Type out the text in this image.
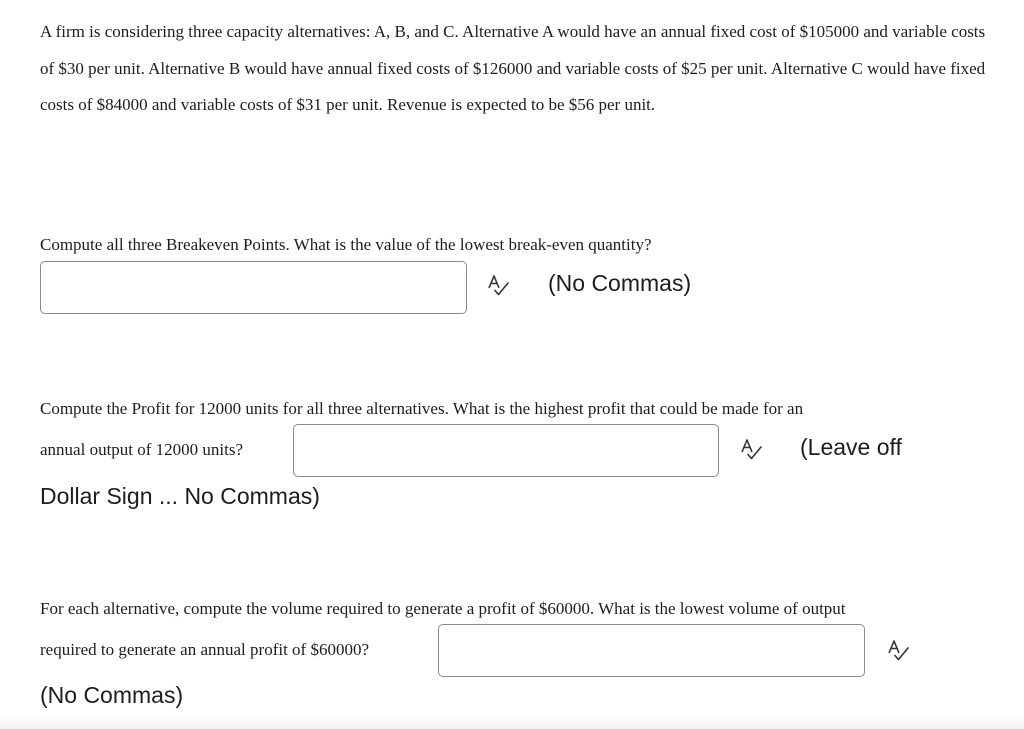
A firm is considering three capacity alternatives: A, B, and C. Alternative A would have an annual fixed cost of $105000 and variable costs of $30 per unit. Alternative B would have annual fixed costs of $126000 and variable costs of $25 per unit. Alternative C would have fixed costs of $84000 and variable costs of $31 per unit. Revenue is expected to be $56 per unit.

Compute all three Breakeven Points. What is the value of the lowest break-even quantity?
(No Commas)
Compute the Profit for 12000 units for all three alternatives. What is the highest profit that could be made for an
annual output of 12000 units?	(Leave off
Dollar Sign ... No Commas)
For each alternative, compute the volume required to generate a profit of $60000. What is the lowest volume of output
required to generate an annual profit of $60000?
(No Commas)
